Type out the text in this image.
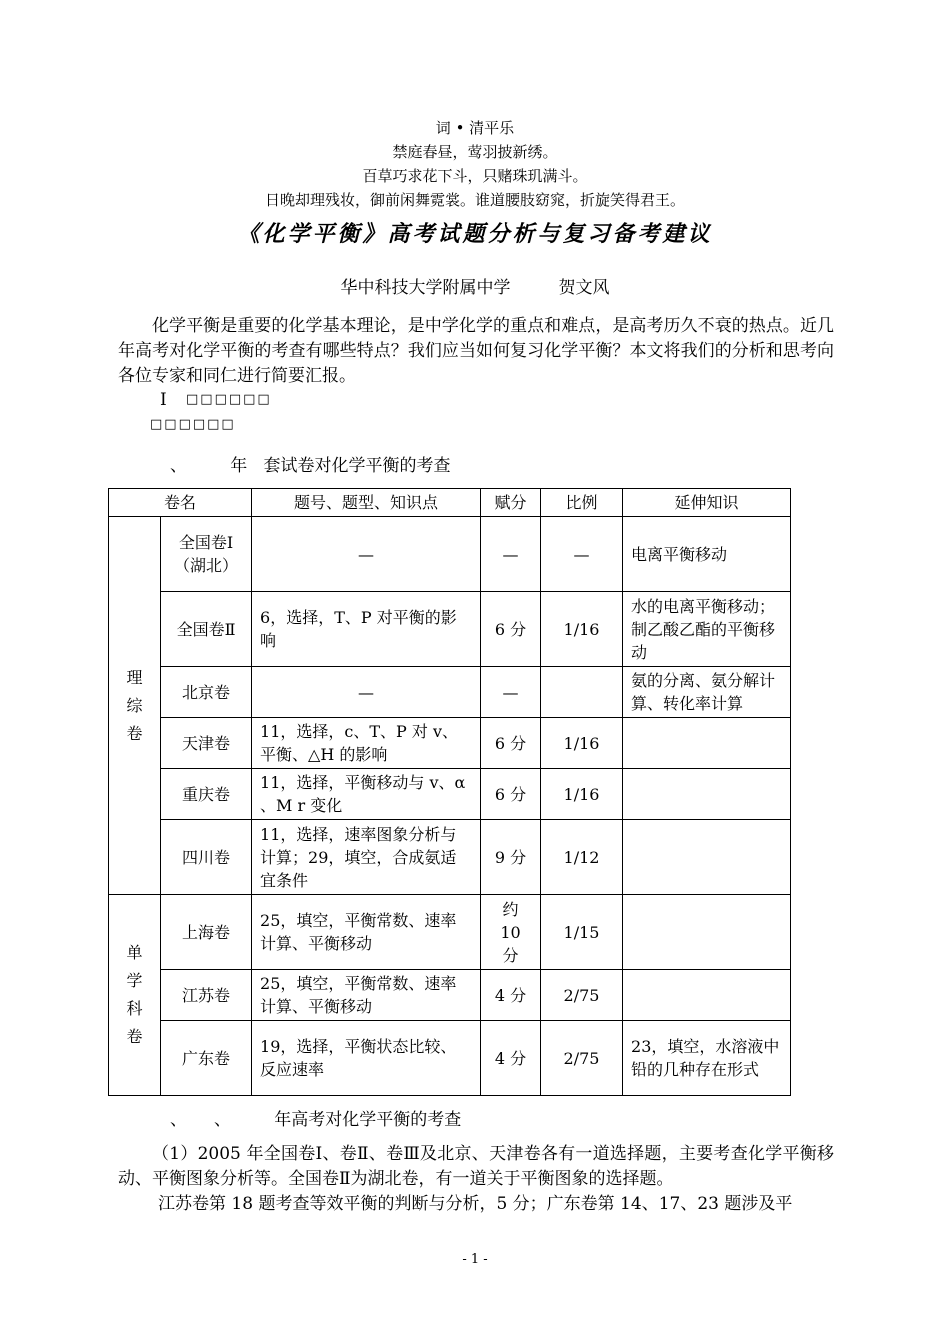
词 • 清平乐
禁庭春昼，莺羽披新绣。
百草巧求花下斗，只赌珠玑满斗。
日晚却理残妆，御前闲舞霓裳。谁道腰肢窈窕，折旋笑得君王。
《化学平衡》高考试题分析与复习备考建议
华中科技大学附属中学	贺文风
化学平衡是重要的化学基本理论，是中学化学的重点和难点，是高考历久不衰的热点。近几年高考对化学平衡的考查有哪些特点？我们应当如何复习化学平衡？本文将我们的分析和思考向各位专家和同仁进行简要汇报。
Ⅰ □□□□□□
□□□□□□
、        年   套试卷对化学平衡的考查
卷名		题号、题型、知识点	赋分	比例	延伸知识

理综卷	全国卷Ⅰ（湖北）	—	—	—	电离平衡移动
	全国卷Ⅱ	6，选择，T、P 对平衡的影响	6 分	1/16	水的电离平衡移动；制乙酸乙酯的平衡移动
	北京卷	—	—		氨的分离、氨分解计算、转化率计算
	天津卷	11，选择，c、T、P 对 v、平衡、△H 的影响	6 分	1/16	
	重庆卷	11，选择，平衡移动与 v、α 、M r 变化	6 分	1/16	
	四川卷	11，选择，速率图象分析与计算；29，填空，合成氨适宜条件	9 分	1/12	

单学科卷	上海卷	25，填空，平衡常数、速率计算、平衡移动	约 10 分	1/15	
	江苏卷	25，填空，平衡常数、速率计算、平衡移动	4 分	2/75	
	广东卷	19，选择，平衡状态比较、反应速率	4 分	2/75	23，填空，水溶液中铅的几种存在形式
、     、        年高考对化学平衡的考查
（1）2005 年全国卷Ⅰ、卷Ⅱ、卷Ⅲ及北京、天津卷各有一道选择题，主要考查化学平衡移动、平衡图象分析等。全国卷Ⅱ为湖北卷，有一道关于平衡图象的选择题。
江苏卷第 18 题考查等效平衡的判断与分析，5 分；广东卷第 14、17、23 题涉及平
- 1 -
